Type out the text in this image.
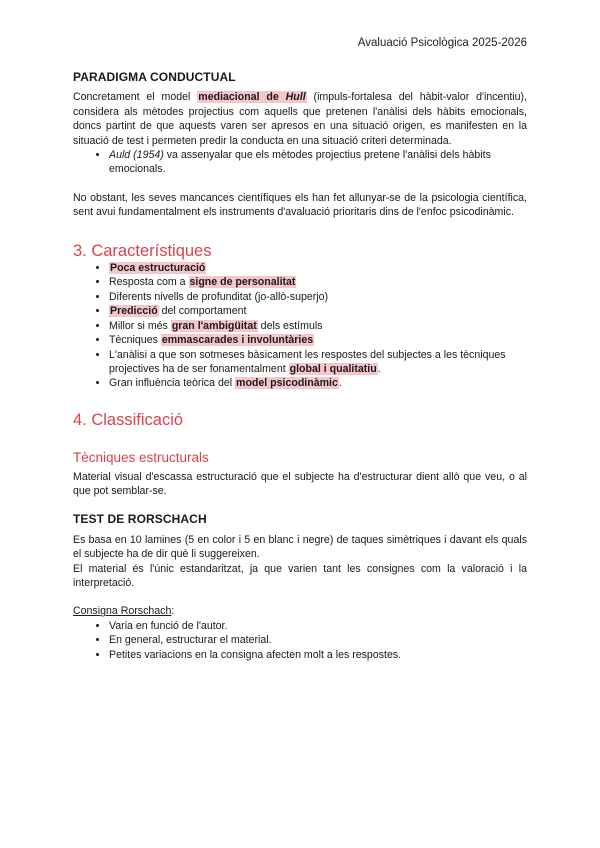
Avaluació Psicològica 2025-2026
PARADIGMA CONDUCTUAL

Concretament el model mediacional de Hull (impuls-fortalesa del hàbit-valor d'incentiu), considera als mètodes projectius com aquells que pretenen l'anàlisi dels hàbits emocionals, doncs partint de que aquests varen ser apresos en una situació origen, es manifesten en la situació de test i permeten predir la conducta en una situació criteri determinada.

• Auld (1954) va assenyalar que els mètodes projectius pretene l'anàlisi dels hàbits emocionals.

No obstant, les seves mancances científiques els han fet allunyar-se de la psicologia científica, sent avui fundamentalment els instruments d'avaluació prioritaris dins de l'enfoc psicodinàmic.

3. Característiques
• Poca estructuració
• Resposta com a signe de personalitat
• Diferents nivells de profunditat (jo-allò-superjo)
• Predicció del comportament
• Millor si més gran l'ambigüitat dels estímuls
• Tècniques emmascarades i involuntàries
• L'anàlisi a que son sotmeses bàsicament les respostes del subjectes a les tècniques projectives ha de ser fonamentalment global i qualitatiu.
• Gran influència teòrica del model psicodinàmic.
4. Classificació
Tècniques estructurals

Material visual d'escassa estructuració que el subjecte ha d'estructurar dient allò que veu, o al que pot semblar-se.

TEST DE RORSCHACH

Es basa en 10 lamines (5 en color i 5 en blanc i negre) de taques simètriques i davant els quals el subjecte ha de dir què li suggereixen.

El material és l'únic estandaritzat, ja que varien tant les consignes com la valoració i la interpretació.

Consigna Rorschach:

• Varia en funció de l'autor.
• En general, estructurar el material.
• Petites variacions en la consigna afecten molt a les respostes.
